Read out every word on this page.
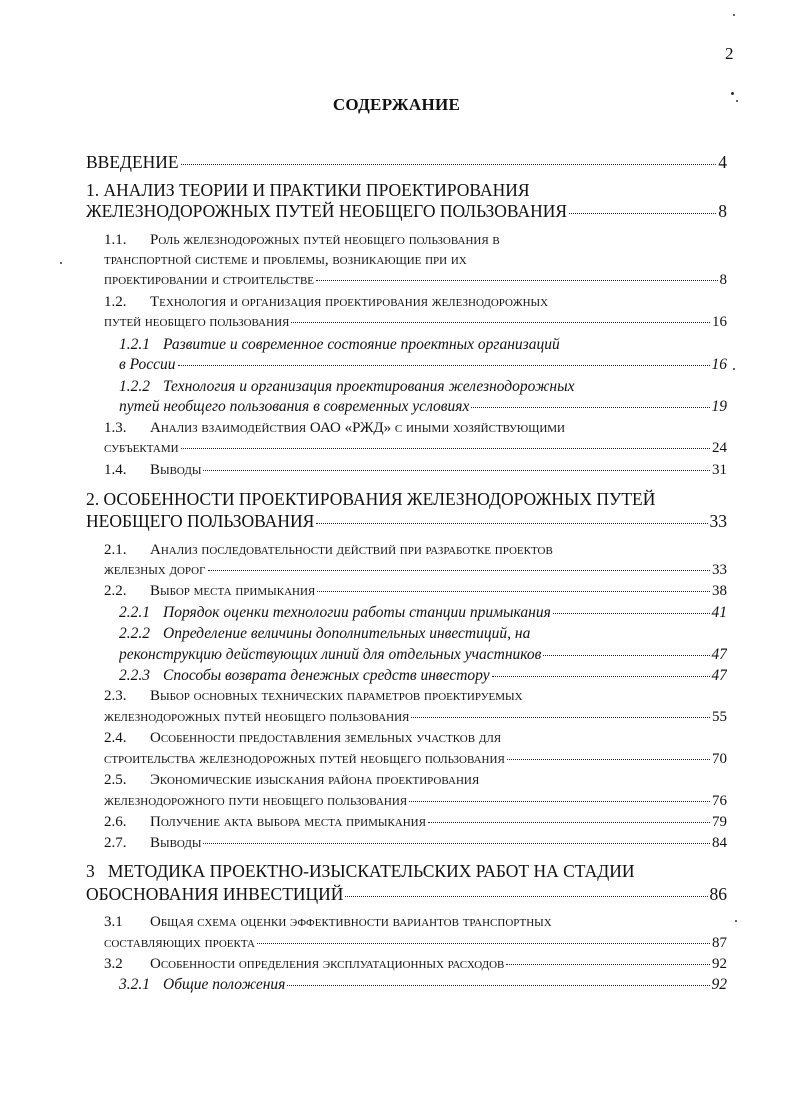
2
СОДЕРЖАНИЕ
ВВЕДЕНИЕ	4
1. АНАЛИЗ ТЕОРИИ И ПРАКТИКИ ПРОЕКТИРОВАНИЯ
ЖЕЛЕЗНОДОРОЖНЫХ ПУТЕЙ НЕОБЩЕГО ПОЛЬЗОВАНИЯ	8
1.1. Роль железнодорожных путей необщего пользования в
транспортной системе и проблемы, возникающие при их
проектировании и строительстве	8
1.2. Технология и организация проектирования железнодорожных
путей необщего пользования	16
1.2.1 Развитие и современное состояние проектных организаций
в России	16
1.2.2 Технология и организация проектирования железнодорожных
путей необщего пользования в современных условиях	19
1.3. Анализ взаимодействия ОАО «РЖД» с иными хозяйствующими
субъектами	24
1.4. Выводы	31
2. ОСОБЕННОСТИ ПРОЕКТИРОВАНИЯ ЖЕЛЕЗНОДОРОЖНЫХ ПУТЕЙ
НЕОБЩЕГО ПОЛЬЗОВАНИЯ	33
2.1. Анализ последовательности действий при разработке проектов
железных дорог	33
2.2. Выбор места примыкания	38
2.2.1 Порядок оценки технологии работы станции примыкания	41
2.2.2 Определение величины дополнительных инвестиций, на
реконструкцию действующих линий для отдельных участников	47
2.2.3 Способы возврата денежных средств инвестору	47
2.3. Выбор основных технических параметров проектируемых
железнодорожных путей необщего пользования	55
2.4. Особенности предоставления земельных участков для
строительства железнодорожных путей необщего пользования	70
2.5. Экономические изыскания района проектирования
железнодорожного пути необщего пользования	76
2.6. Получение акта выбора места примыкания	79
2.7. Выводы	84
3   МЕТОДИКА ПРОЕКТНО-ИЗЫСКАТЕЛЬСКИХ РАБОТ НА СТАДИИ
ОБОСНОВАНИЯ ИНВЕСТИЦИЙ	86
3.1 Общая схема оценки эффективности вариантов транспортных
составляющих проекта	87
3.2 Особенности определения эксплуатационных расходов	92
3.2.1 Общие положения	92
